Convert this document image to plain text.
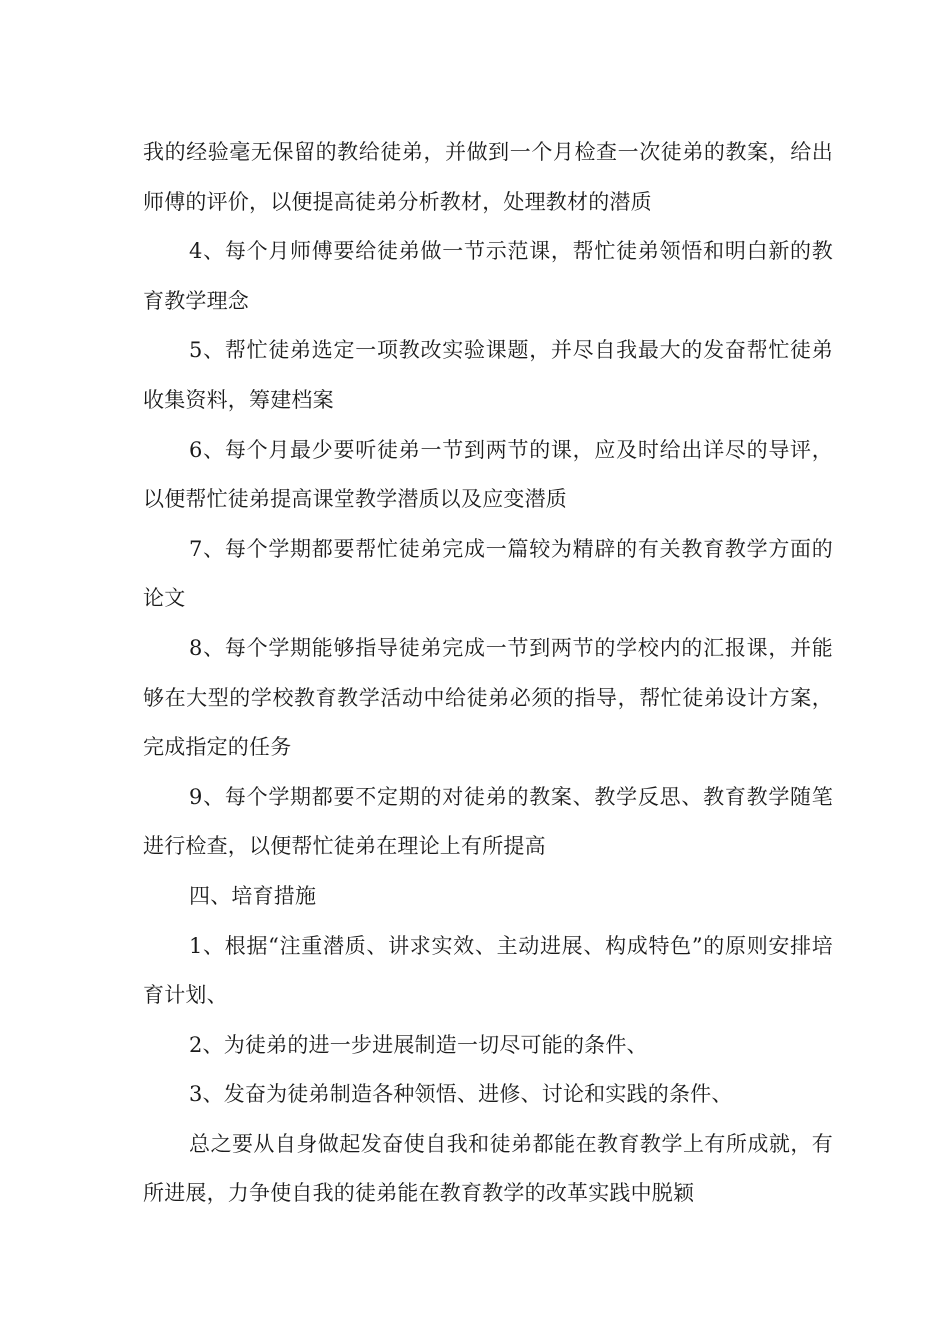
我的经验毫无保留的教给徒弟，并做到一个月检查一次徒弟的教案，给出师傅的评价，以便提高徒弟分析教材，处理教材的潜质

4、每个月师傅要给徒弟做一节示范课，帮忙徒弟领悟和明白新的教育教学理念

5、帮忙徒弟选定一项教改实验课题，并尽自我最大的发奋帮忙徒弟收集资料，筹建档案

6、每个月最少要听徒弟一节到两节的课，应及时给出详尽的导评，以便帮忙徒弟提高课堂教学潜质以及应变潜质

7、每个学期都要帮忙徒弟完成一篇较为精辟的有关教育教学方面的论文

8、每个学期能够指导徒弟完成一节到两节的学校内的汇报课，并能够在大型的学校教育教学活动中给徒弟必须的指导，帮忙徒弟设计方案，完成指定的任务

9、每个学期都要不定期的对徒弟的教案、教学反思、教育教学随笔进行检查，以便帮忙徒弟在理论上有所提高

四、培育措施

1、根据“注重潜质、讲求实效、主动进展、构成特色”的原则安排培育计划、

2、为徒弟的进一步进展制造一切尽可能的条件、

3、发奋为徒弟制造各种领悟、进修、讨论和实践的条件、

总之要从自身做起发奋使自我和徒弟都能在教育教学上有所成就，有所进展，力争使自我的徒弟能在教育教学的改革实践中脱颖
